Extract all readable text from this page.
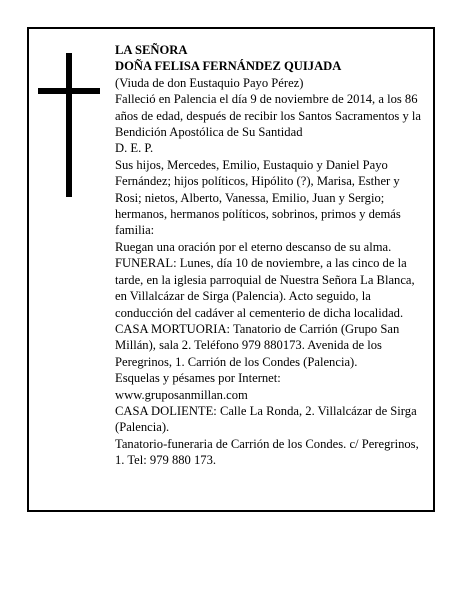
LA SEÑORA

DOÑA FELISA FERNÁNDEZ QUIJADA

(Viuda de don Eustaquio Payo Pérez)

Falleció en Palencia el día 9 de noviembre de 2014, a los 86 años de edad, después de recibir los Santos Sacramentos y la Bendición Apostólica de Su Santidad

D. E. P.

Sus hijos, Mercedes, Emilio, Eustaquio y Daniel Payo Fernández; hijos políticos, Hipólito (?), Marisa, Esther y Rosi; nietos, Alberto, Vanessa, Emilio, Juan y Sergio; hermanos, hermanos políticos, sobrinos, primos y demás familia:

Ruegan una oración por el eterno descanso de su alma.

FUNERAL: Lunes, día 10 de noviembre, a las cinco de la tarde, en la iglesia parroquial de Nuestra Señora La Blanca, en Villalcázar de Sirga (Palencia). Acto seguido, la conducción del cadáver al cementerio de dicha localidad.

CASA MORTUORIA: Tanatorio de Carrión (Grupo San Millán), sala 2. Teléfono 979 880173. Avenida de los Peregrinos, 1. Carrión de los Condes (Palencia).

Esquelas y pésames por Internet:

www.gruposanmillan.com

CASA DOLIENTE: Calle La Ronda, 2. Villalcázar de Sirga (Palencia).

Tanatorio-funeraria de Carrión de los Condes. c/ Peregrinos, 1. Tel: 979 880 173.
